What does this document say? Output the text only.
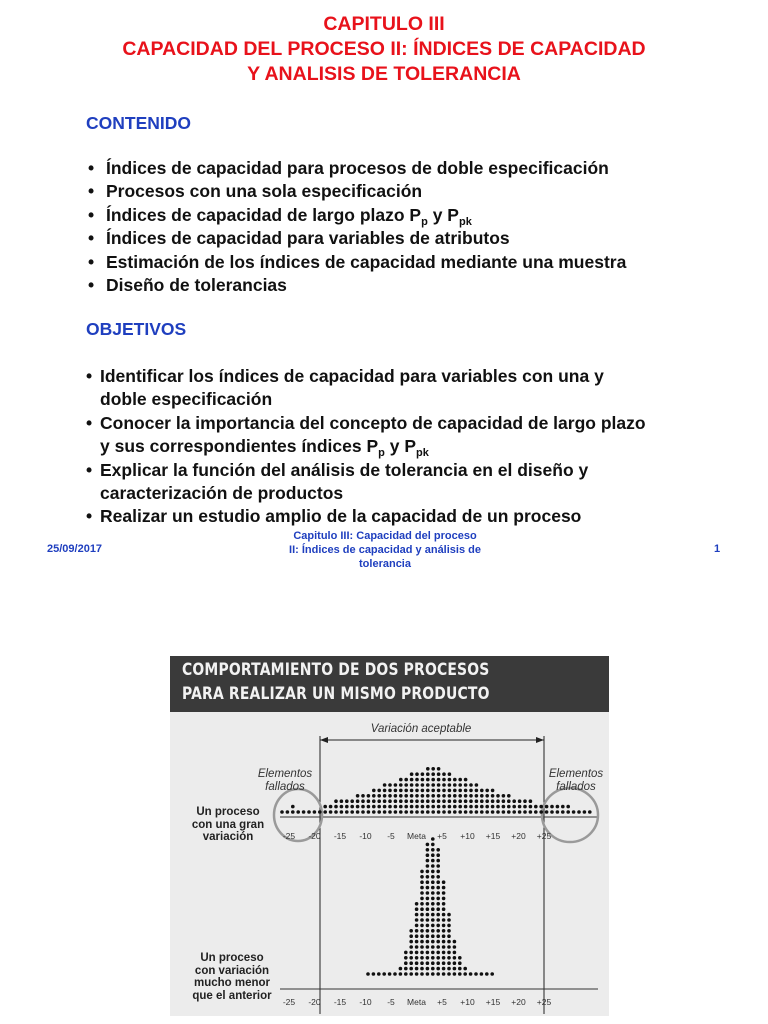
CAPITULO III
CAPACIDAD DEL PROCESO II: ÍNDICES DE CAPACIDAD
Y ANALISIS DE TOLERANCIA
CONTENIDO
• Índices de capacidad para procesos de doble especificación
• Procesos con una sola especificación
• Índices de capacidad de largo plazo $P_p$ y $P_{pk}$
• Índices de capacidad para variables de atributos
• Estimación de los índices de capacidad mediante una muestra
• Diseño de tolerancias
OBJETIVOS
• Identificar los índices de capacidad para variables con una y
doble especificación
• Conocer la importancia del concepto de capacidad de largo plazo
y sus correspondientes índices $P_p$ y $P_{pk}$
• Explicar la función del análisis de tolerancia en el diseño y
caracterización de productos
• Realizar un estudio amplio de la capacidad de un proceso
25/09/2017
Capitulo III: Capacidad del proceso
II: Índices de capacidad y análisis de
tolerancia
1
COMPORTAMIENTO DE DOS PROCESOS
PARA REALIZAR UN MISMO PRODUCTO
-25 -20 -15 -10 -5 Meta +5 +10 +15 +20 +25
-25 -20 -15 -10 -5 Meta +5 +10 +15 +20 +25
Variación aceptable
Elementos
fallados
Elementos
fallados
Un proceso
con una gran
variación
Un proceso
con variación
mucho menor
que el anterior
